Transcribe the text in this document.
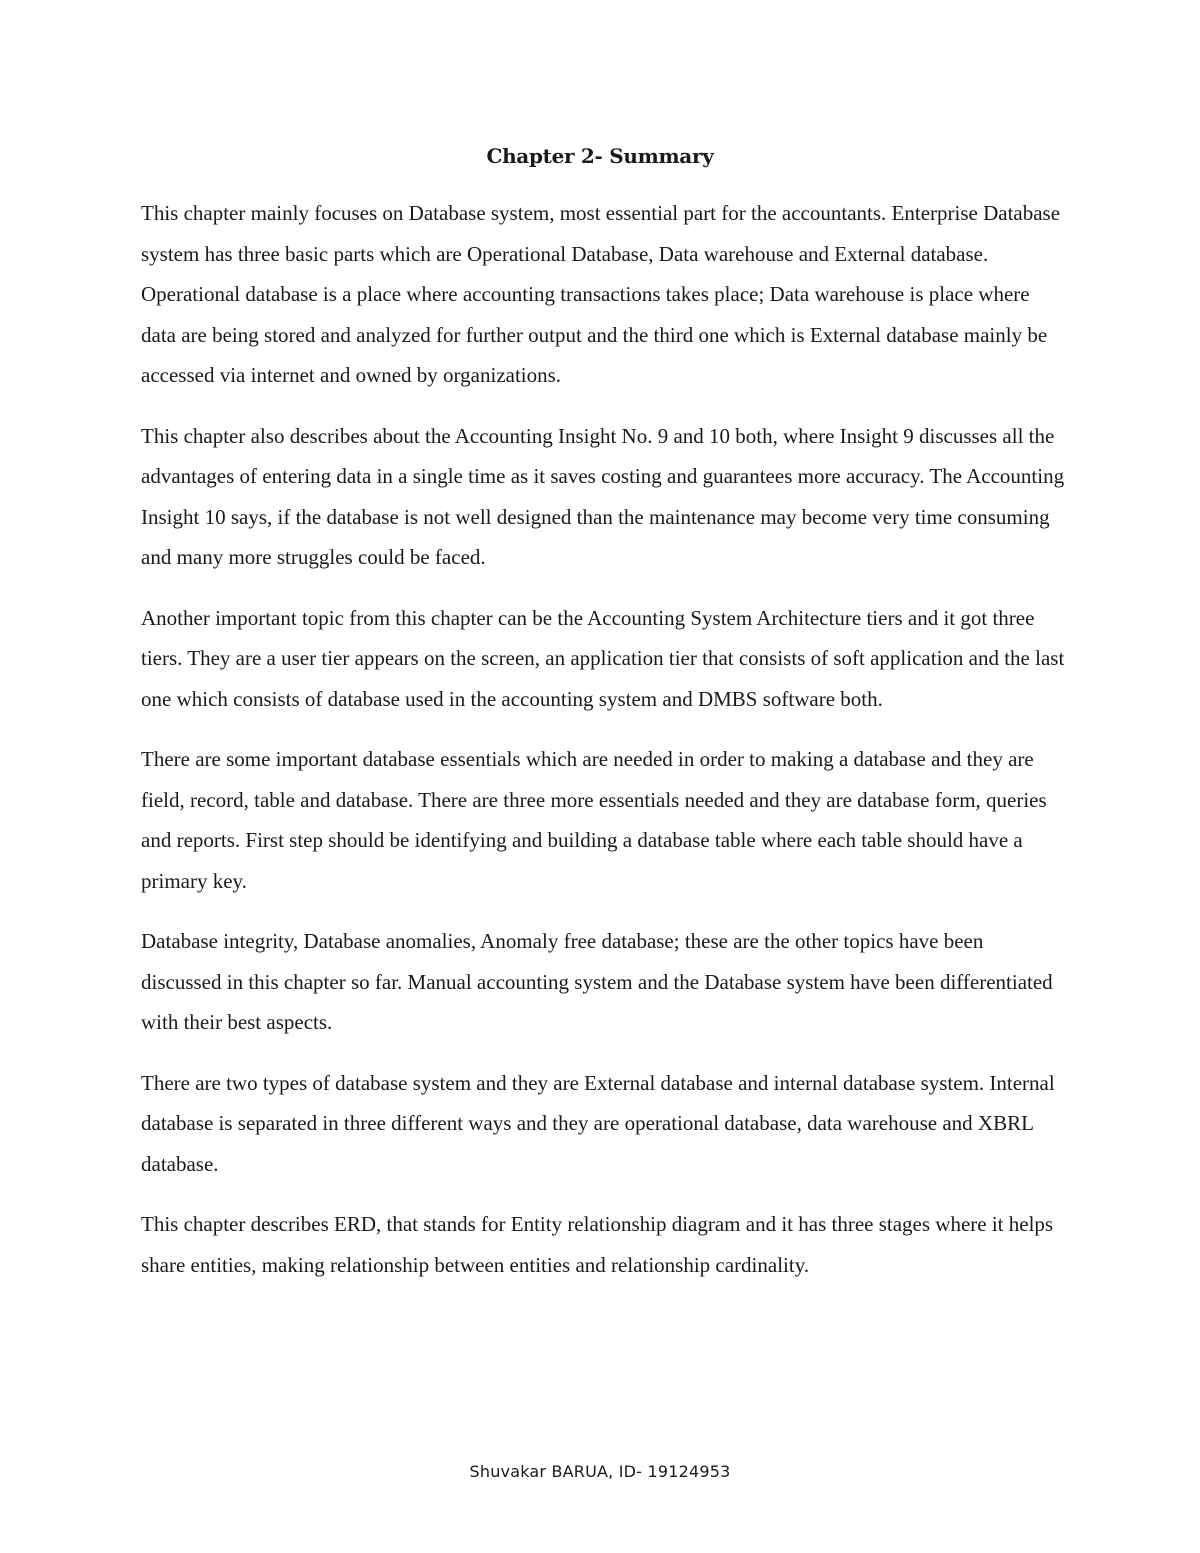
Chapter 2- Summary

This chapter mainly focuses on Database system, most essential part for the accountants. Enterprise Database system has three basic parts which are Operational Database, Data warehouse and External database. Operational database is a place where accounting transactions takes place; Data warehouse is place where data are being stored and analyzed for further output and the third one which is External database mainly be accessed via internet and owned by organizations.

This chapter also describes about the Accounting Insight No. 9 and 10 both, where Insight 9 discusses all the advantages of entering data in a single time as it saves costing and guarantees more accuracy. The Accounting Insight 10 says, if the database is not well designed than the maintenance may become very time consuming and many more struggles could be faced.

Another important topic from this chapter can be the Accounting System Architecture tiers and it got three tiers. They are a user tier appears on the screen, an application tier that consists of soft application and the last one which consists of database used in the accounting system and DMBS software both.

There are some important database essentials which are needed in order to making a database and they are field, record, table and database. There are three more essentials needed and they are database form, queries and reports. First step should be identifying and building a database table where each table should have a primary key.

Database integrity, Database anomalies, Anomaly free database; these are the other topics have been discussed in this chapter so far. Manual accounting system and the Database system have been differentiated with their best aspects.

There are two types of database system and they are External database and internal database system. Internal database is separated in three different ways and they are operational database, data warehouse and XBRL database.

This chapter describes ERD, that stands for Entity relationship diagram and it has three stages where it helps share entities, making relationship between entities and relationship cardinality.

Shuvakar BARUA, ID- 19124953
